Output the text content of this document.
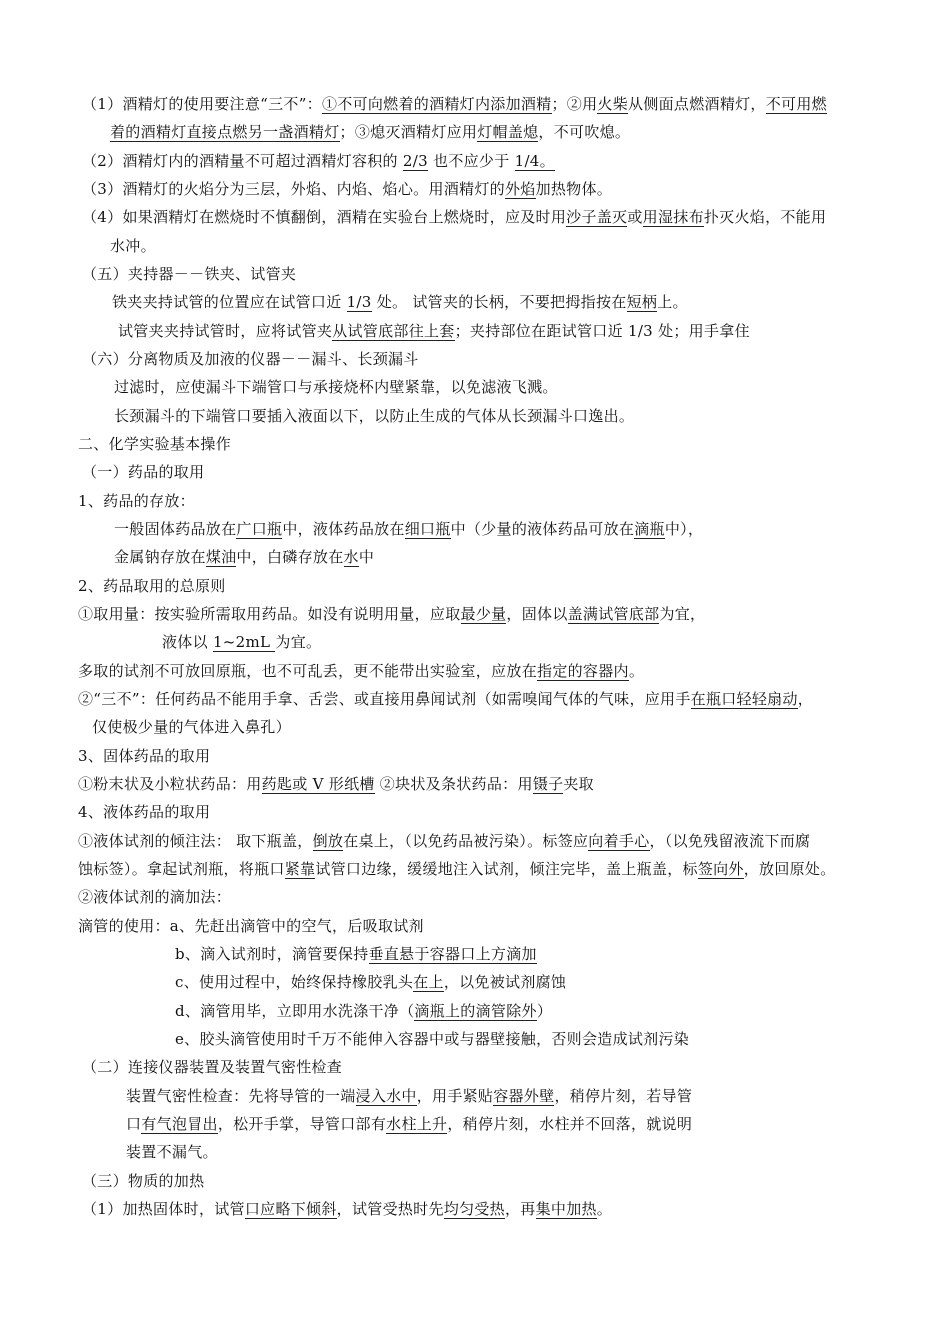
（1）酒精灯的使用要注意“三不”：①不可向燃着的酒精灯内添加酒精；②用火柴从侧面点燃酒精灯，不可用燃
着的酒精灯直接点燃另一盏酒精灯；③熄灭酒精灯应用灯帽盖熄，不可吹熄。
（2）酒精灯内的酒精量不可超过酒精灯容积的 2/3 也不应少于 1/4。
（3）酒精灯的火焰分为三层，外焰、内焰、焰心。用酒精灯的外焰加热物体。
（4）如果酒精灯在燃烧时不慎翻倒，酒精在实验台上燃烧时，应及时用沙子盖灭或用湿抹布扑灭火焰，不能用
水冲。
（五）夹持器－－铁夹、试管夹
铁夹夹持试管的位置应在试管口近 1/3 处。 试管夹的长柄，不要把拇指按在短柄上。
试管夹夹持试管时，应将试管夹从试管底部往上套；夹持部位在距试管口近 1/3 处；用手拿住
（六）分离物质及加液的仪器－－漏斗、长颈漏斗
过滤时，应使漏斗下端管口与承接烧杯内壁紧靠，以免滤液飞溅。
长颈漏斗的下端管口要插入液面以下，以防止生成的气体从长颈漏斗口逸出。
二、化学实验基本操作
（一）药品的取用
1、药品的存放：
一般固体药品放在广口瓶中，液体药品放在细口瓶中（少量的液体药品可放在滴瓶中），
金属钠存放在煤油中，白磷存放在水中
2、药品取用的总原则
①取用量：按实验所需取用药品。如没有说明用量，应取最少量，固体以盖满试管底部为宜，
液体以 1~2mL 为宜。
多取的试剂不可放回原瓶，也不可乱丢，更不能带出实验室，应放在指定的容器内。
②“三不”：任何药品不能用手拿、舌尝、或直接用鼻闻试剂（如需嗅闻气体的气味，应用手在瓶口轻轻扇动，
仅使极少量的气体进入鼻孔）
3、固体药品的取用
①粉末状及小粒状药品：用药匙或 V 形纸槽 ②块状及条状药品：用镊子夹取
4、液体药品的取用
①液体试剂的倾注法： 取下瓶盖，倒放在桌上，（以免药品被污染）。标签应向着手心，（以免残留液流下而腐
蚀标签）。拿起试剂瓶，将瓶口紧靠试管口边缘，缓缓地注入试剂，倾注完毕，盖上瓶盖，标签向外，放回原处。
②液体试剂的滴加法：
滴管的使用：a、先赶出滴管中的空气，后吸取试剂
b、滴入试剂时，滴管要保持垂直悬于容器口上方滴加
c、使用过程中，始终保持橡胶乳头在上，以免被试剂腐蚀
d、滴管用毕，立即用水洗涤干净（滴瓶上的滴管除外）
e、胶头滴管使用时千万不能伸入容器中或与器壁接触，否则会造成试剂污染
（二）连接仪器装置及装置气密性检查
装置气密性检查：先将导管的一端浸入水中，用手紧贴容器外壁，稍停片刻，若导管
口有气泡冒出，松开手掌，导管口部有水柱上升，稍停片刻，水柱并不回落，就说明
装置不漏气。
（三）物质的加热
（1）加热固体时，试管口应略下倾斜，试管受热时先均匀受热，再集中加热。
